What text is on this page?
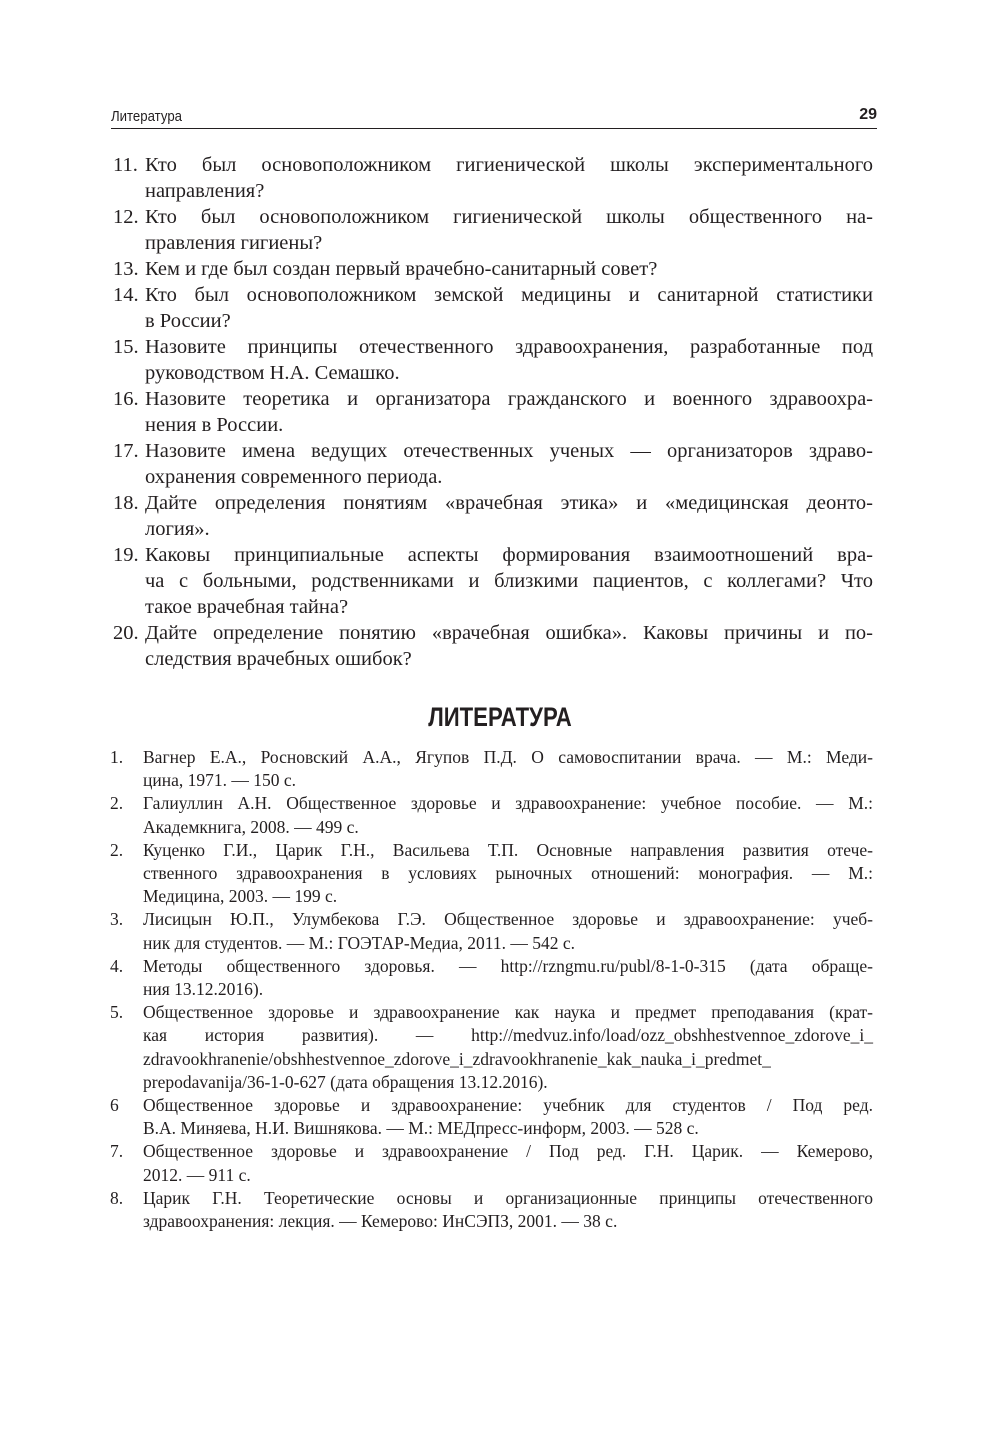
Литература	29
11. Кто был основоположником гигиенической школы экспериментального
направления?
12. Кто был основоположником гигиенической школы общественного на-
правления гигиены?
13. Кем и где был создан первый врачебно-санитарный совет?
14. Кто был основоположником земской медицины и санитарной статистики
в России?
15. Назовите принципы отечественного здравоохранения, разработанные под
руководством Н.А. Семашко.
16. Назовите теоретика и организатора гражданского и военного здравоохра-
нения в России.
17. Назовите имена ведущих отечественных ученых — организаторов здраво-
охранения современного периода.
18. Дайте определения понятиям «врачебная этика» и «медицинская деонто-
логия».
19. Каковы принципиальные аспекты формирования взаимоотношений вра-
ча с больными, родственниками и близкими пациентов, с коллегами? Что
такое врачебная тайна?
20. Дайте определение понятию «врачебная ошибка». Каковы причины и по-
следствия врачебных ошибок?
ЛИТЕРАТУРА
1. Вагнер Е.А., Росновский А.А., Ягупов П.Д. О самовоспитании врача. — М.: Меди-
цина, 1971. — 150 с.
2. Галиуллин А.Н. Общественное здоровье и здравоохранение: учебное пособие. — М.:
Академкнига, 2008. — 499 с.
2. Куценко Г.И., Царик Г.Н., Васильева Т.П. Основные направления развития отече-
ственного здравоохранения в условиях рыночных отношений: монография. — М.:
Медицина, 2003. — 199 с.
3. Лисицын Ю.П., Улумбекова Г.Э. Общественное здоровье и здравоохранение: учеб-
ник для студентов. — М.: ГОЭТАР-Медиа, 2011. — 542 с.
4. Методы общественного здоровья. — http://rzngmu.ru/publ/8-1-0-315 (дата обраще-
ния 13.12.2016).
5. Общественное здоровье и здравоохранение как наука и предмет преподавания (крат-
кая история развития). — http://medvuz.info/load/ozz_obshhestvennoe_zdorove_i_
zdravookhranenie/obshhestvennoe_zdorove_i_zdravookhranenie_kak_nauka_i_predmet_
prepodavanija/36-1-0-627 (дата обращения 13.12.2016).
6 Общественное здоровье и здравоохранение: учебник для студентов / Под ред.
В.А. Миняева, Н.И. Вишнякова. — М.: МЕДпресс-информ, 2003. — 528 с.
7. Общественное здоровье и здравоохранение / Под ред. Г.Н. Царик. — Кемерово,
2012. — 911 с.
8. Царик Г.Н. Теоретические основы и организационные принципы отечественного
здравоохранения: лекция. — Кемерово: ИнСЭПЗ, 2001. — 38 с.
